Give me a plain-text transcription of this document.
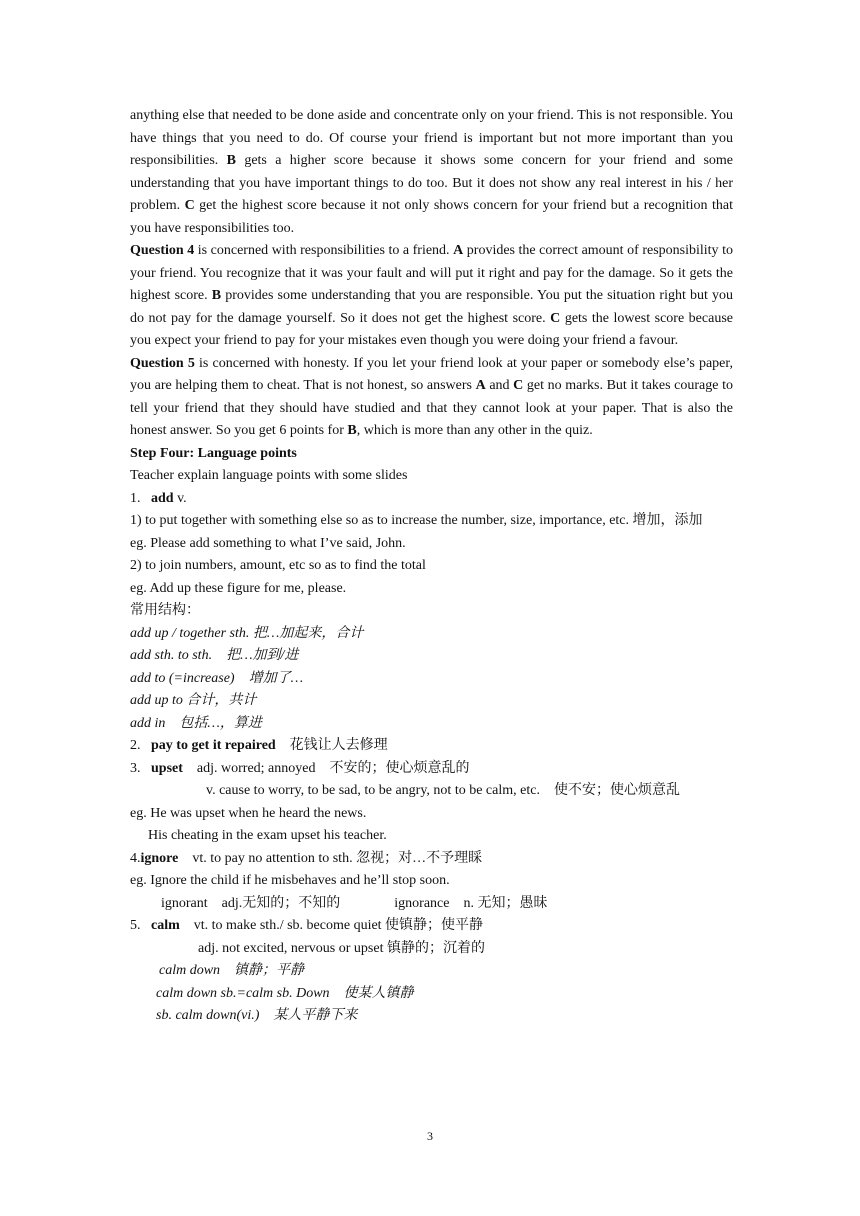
anything else that needed to be done aside and concentrate only on your friend. This is not responsible. You have things that you need to do. Of course your friend is important but not more important than you responsibilities. B gets a higher score because it shows some concern for your friend and some understanding that you have important things to do too. But it does not show any real interest in his / her problem. C get the highest score because it not only shows concern for your friend but a recognition that you have responsibilities too.

Question 4 is concerned with responsibilities to a friend. A provides the correct amount of responsibility to your friend. You recognize that it was your fault and will put it right and pay for the damage. So it gets the highest score. B provides some understanding that you are responsible. You put the situation right but you do not pay for the damage yourself. So it does not get the highest score. C gets the lowest score because you expect your friend to pay for your mistakes even though you were doing your friend a favour.

Question 5 is concerned with honesty. If you let your friend look at your paper or somebody else’s paper, you are helping them to cheat. That is not honest, so answers A and C get no marks. But it takes courage to tell your friend that they should have studied and that they cannot look at your paper. That is also the honest answer. So you get 6 points for B, which is more than any other in the quiz.

Step Four: Language points

Teacher explain language points with some slides

1. add v.

1) to put together with something else so as to increase the number, size, importance, etc. 增加，添加

eg. Please add something to what I’ve said, John.

2) to join numbers, amount, etc so as to find the total

eg. Add up these figure for me, please.

常用结构：

add up / together sth. 把…加起来，合计

add sth. to sth.　把…加到/进

add to (=increase)　增加了…

add up to 合计，共计

add in　包括…，算进

2. pay to get it repaired　花钱让人去修理

3. upset　adj. worred; annoyed　不安的；使心烦意乱的

v. cause to worry, to be sad, to be angry, not to be calm, etc.　使不安；使心烦意乱

eg. He was upset when he heard the news.

His cheating in the exam upset his teacher.

4.ignore　vt. to pay no attention to sth. 忽视；对…不予理睬

eg. Ignore the child if he misbehaves and he’ll stop soon.

ignorant　adj.无知的；不知的	ignorance　n. 无知；愚昧

5. calm　vt. to make sth./ sb. become quiet 使镇静；使平静

adj. not excited, nervous or upset 镇静的；沉着的

calm down　镇静；平静

calm down sb.=calm sb. Down　使某人镇静

sb. calm down(vi.)　某人平静下来

3
